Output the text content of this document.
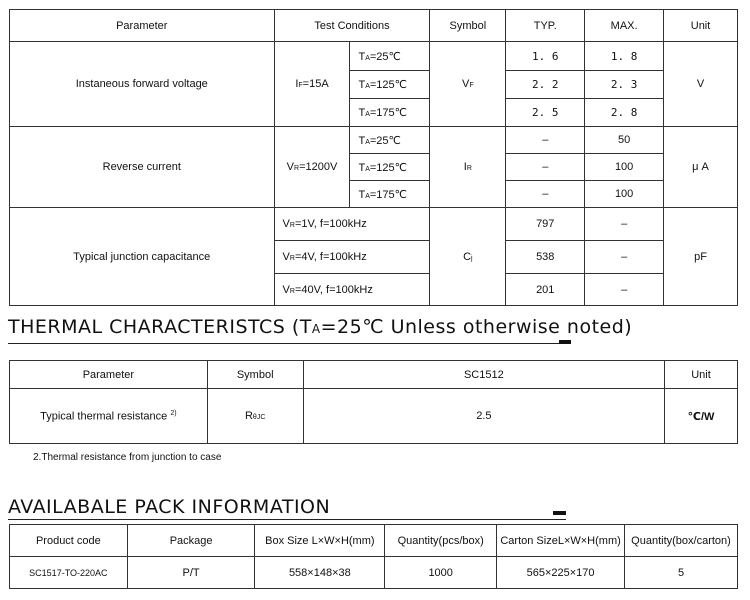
Parameter	Test Conditions		Symbol	TYP.	MAX.	Unit
Instaneous forward voltage	IF=15A	TA=25℃	VF	1. 6	1. 8	V
		TA=125℃		2. 2	2. 3	
		TA=175℃		2. 5	2. 8	
Reverse current	VR=1200V	TA=25℃	IR	–	50	μ A
		TA=125℃		–	100	
		TA=175℃		–	100	
Typical junction capacitance	VR=1V, f=100kHz		Cj	797	–	pF
	VR=4V, f=100kHz			538	–	
	VR=40V, f=100kHz			201	–	
THERMAL CHARACTERISTCS (TA=25℃ Unless otherwise noted)
Parameter	Symbol	SC1512	Unit
Typical thermal resistance $^{2)}$	RθJC	2.5	℃/W
2.Thermal resistance from junction to case
AVAILABALE PACK INFORMATION
Product code	Package	Box Size L×W×H(mm)	Quantity(pcs/box)	Carton SizeL×W×H(mm)	Quantity(box/carton)
SC1517-TO-220AC	P/T	558×148×38	1000	565×225×170	5
